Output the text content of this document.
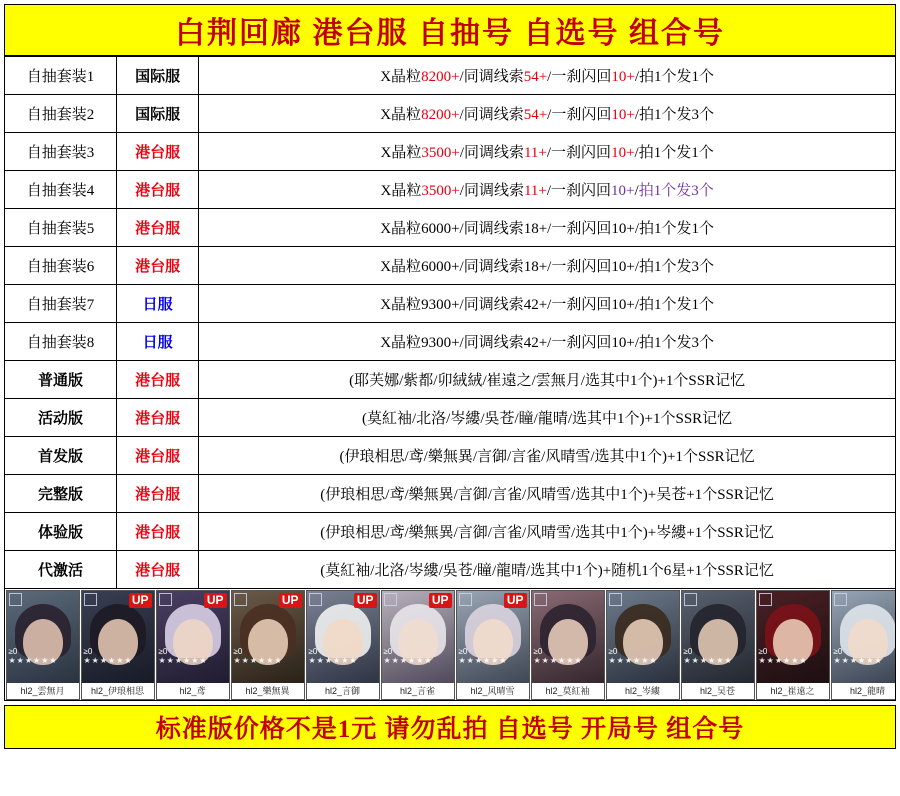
白荆回廊 港台服 自抽号 自选号 组合号
自抽套装1	国际服	X晶粒8200+/同调线索54+/一刹闪回10+/拍1个发1个
自抽套装2	国际服	X晶粒8200+/同调线索54+/一刹闪回10+/拍1个发3个
自抽套装3	港台服	X晶粒3500+/同调线索11+/一刹闪回10+/拍1个发1个
自抽套装4	港台服	X晶粒3500+/同调线索11+/一刹闪回10+/拍1个发3个
自抽套装5	港台服	X晶粒6000+/同调线索18+/一刹闪回10+/拍1个发1个
自抽套装6	港台服	X晶粒6000+/同调线索18+/一刹闪回10+/拍1个发3个
自抽套装7	日服	X晶粒9300+/同调线索42+/一刹闪回10+/拍1个发1个
自抽套装8	日服	X晶粒9300+/同调线索42+/一刹闪回10+/拍1个发3个
普通版	港台服	(耶芙娜/紫都/卯絨絨/崔遠之/雲無月/选其中1个)+1个SSR记忆
活动版	港台服	(莫紅袖/北洛/岑縷/吳苍/瞳/龍晴/选其中1个)+1个SSR记忆
首发版	港台服	(伊琅相思/鸢/樂無異/言御/言雀/风晴雪/选其中1个)+1个SSR记忆
完整版	港台服	(伊琅相思/鸢/樂無異/言御/言雀/风晴雪/选其中1个)+吴苍+1个SSR记忆
体验版	港台服	(伊琅相思/鸢/樂無異/言御/言雀/风晴雪/选其中1个)+岑縷+1个SSR记忆
代激活	港台服	(莫紅袖/北洛/岑縷/吳苍/瞳/龍晴/选其中1个)+随机1个6星+1个SSR记忆
≥0
★★★★★★
hl2_雲無月
UP
≥0
★★★★★★
hl2_伊琅相思
UP
≥0
★★★★★★
hl2_鸢
UP
≥0
★★★★★★
hl2_樂無異
UP
≥0
★★★★★★
hl2_言御
UP
≥0
★★★★★★
hl2_言雀
UP
≥0
★★★★★★
hl2_风晴雪
≥0
★★★★★★
hl2_莫紅袖
≥0
★★★★★★
hl2_岑縷
≥0
★★★★★★
hl2_吴苍
≥0
★★★★★★
hl2_崔遠之
≥0
★★★★★★
hl2_龍晴
标准版价格不是1元 请勿乱拍 自选号 开局号 组合号
